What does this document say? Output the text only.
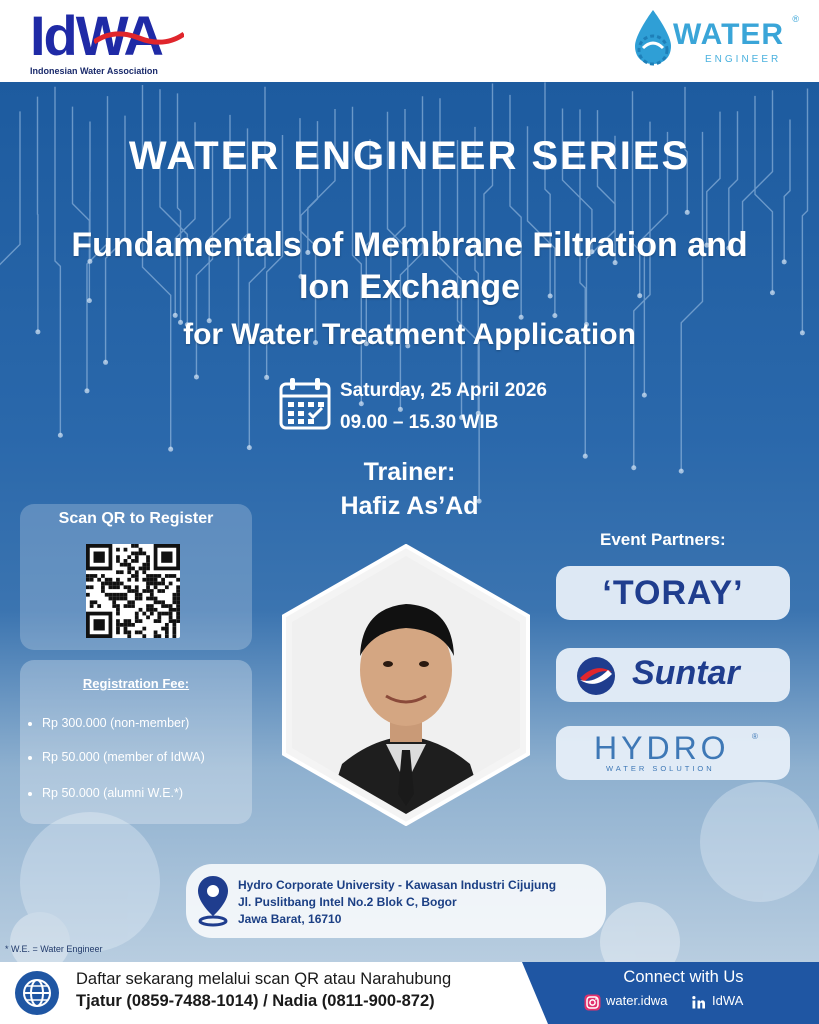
IdWA
Indonesian Water Association
WATER
ENGINEER
®
WATER ENGINEER SERIES
Fundamentals of Membrane Filtration and
Ion Exchange
for Water Treatment Application
Saturday, 25 April 2026
09.00 – 15.30 WIB
Trainer:
Hafiz As’Ad
Scan QR to Register
Registration Fee:
Rp 300.000 (non-member)
Rp 50.000 (member of IdWA)
Rp 50.000 (alumni W.E.*)
Event Partners:
‘TORAY’
Suntar
HYDRO	®
WATER SOLUTION
Hydro Corporate University - Kawasan Industri Cijujung
Jl. Puslitbang Intel No.2 Blok C, Bogor
Jawa Barat, 16710
* W.E. = Water Engineer
Daftar sekarang melalui scan QR atau Narahubung
Tjatur (0859-7488-1014) / Nadia (0811-900-872)
Connect with Us
water.idwa	IdWA
